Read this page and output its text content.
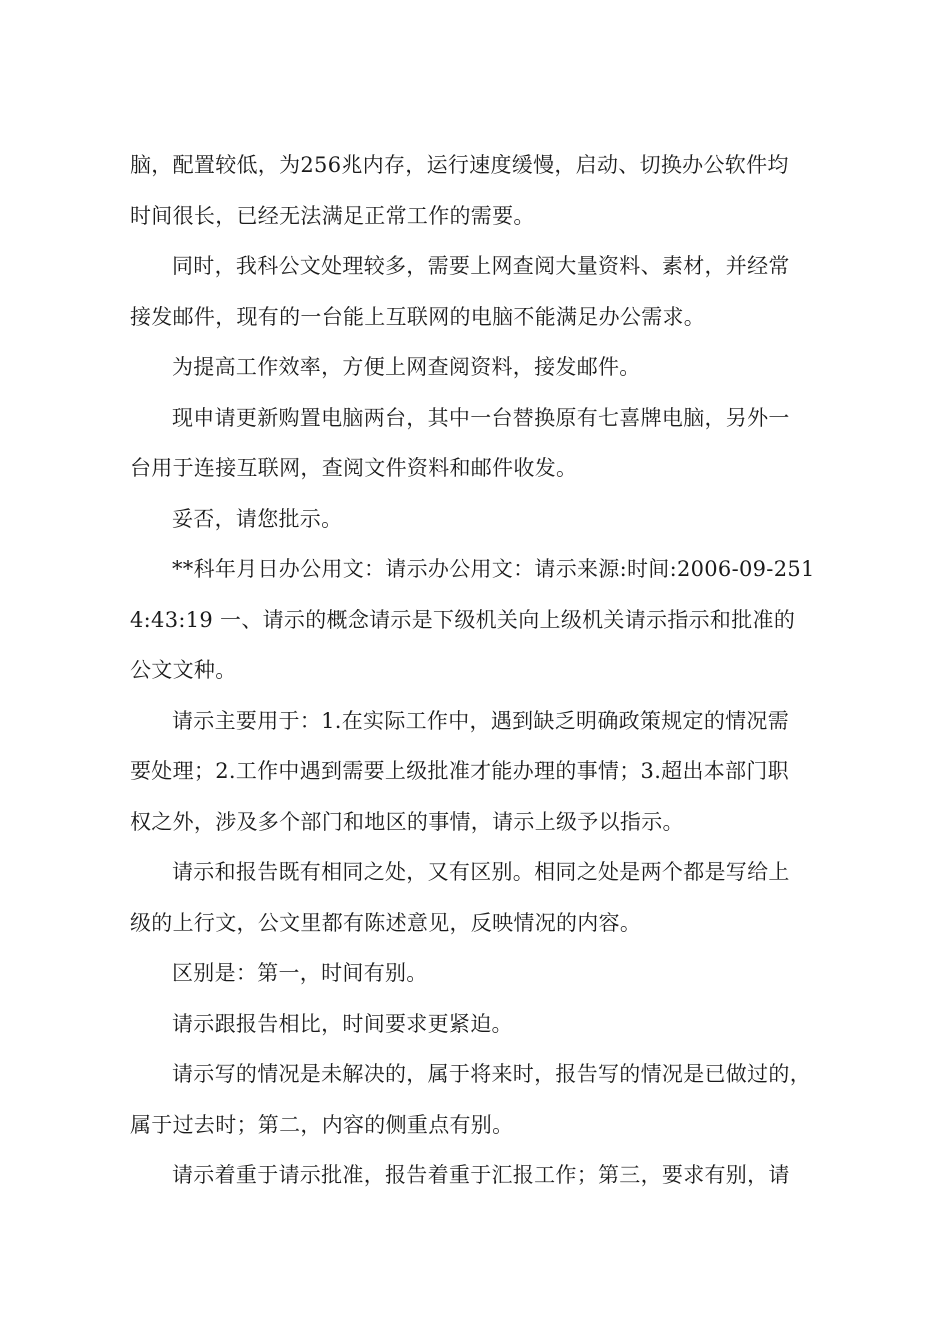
脑，配置较低，为256兆内存，运行速度缓慢，启动、切换办公软件均
时间很长，已经无法满足正常工作的需要。

同时，我科公文处理较多，需要上网查阅大量资料、素材，并经常
接发邮件，现有的一台能上互联网的电脑不能满足办公需求。

为提高工作效率，方便上网查阅资料，接发邮件。

现申请更新购置电脑两台，其中一台替换原有七喜牌电脑，另外一
台用于连接互联网，查阅文件资料和邮件收发。

妥否，请您批示。

**科年月日办公用文：请示办公用文：请示来源:时间:2006-09-251
4:43:19 一、请示的概念请示是下级机关向上级机关请示指示和批准的
公文文种。

请示主要用于：1.在实际工作中，遇到缺乏明确政策规定的情况需
要处理；2.工作中遇到需要上级批准才能办理的事情；3.超出本部门职
权之外，涉及多个部门和地区的事情，请示上级予以指示。

请示和报告既有相同之处，又有区别。相同之处是两个都是写给上
级的上行文，公文里都有陈述意见，反映情况的内容。

区别是：第一，时间有别。

请示跟报告相比，时间要求更紧迫。

请示写的情况是未解决的，属于将来时，报告写的情况是已做过的，
属于过去时；第二，内容的侧重点有别。

请示着重于请示批准，报告着重于汇报工作；第三，要求有别，请
